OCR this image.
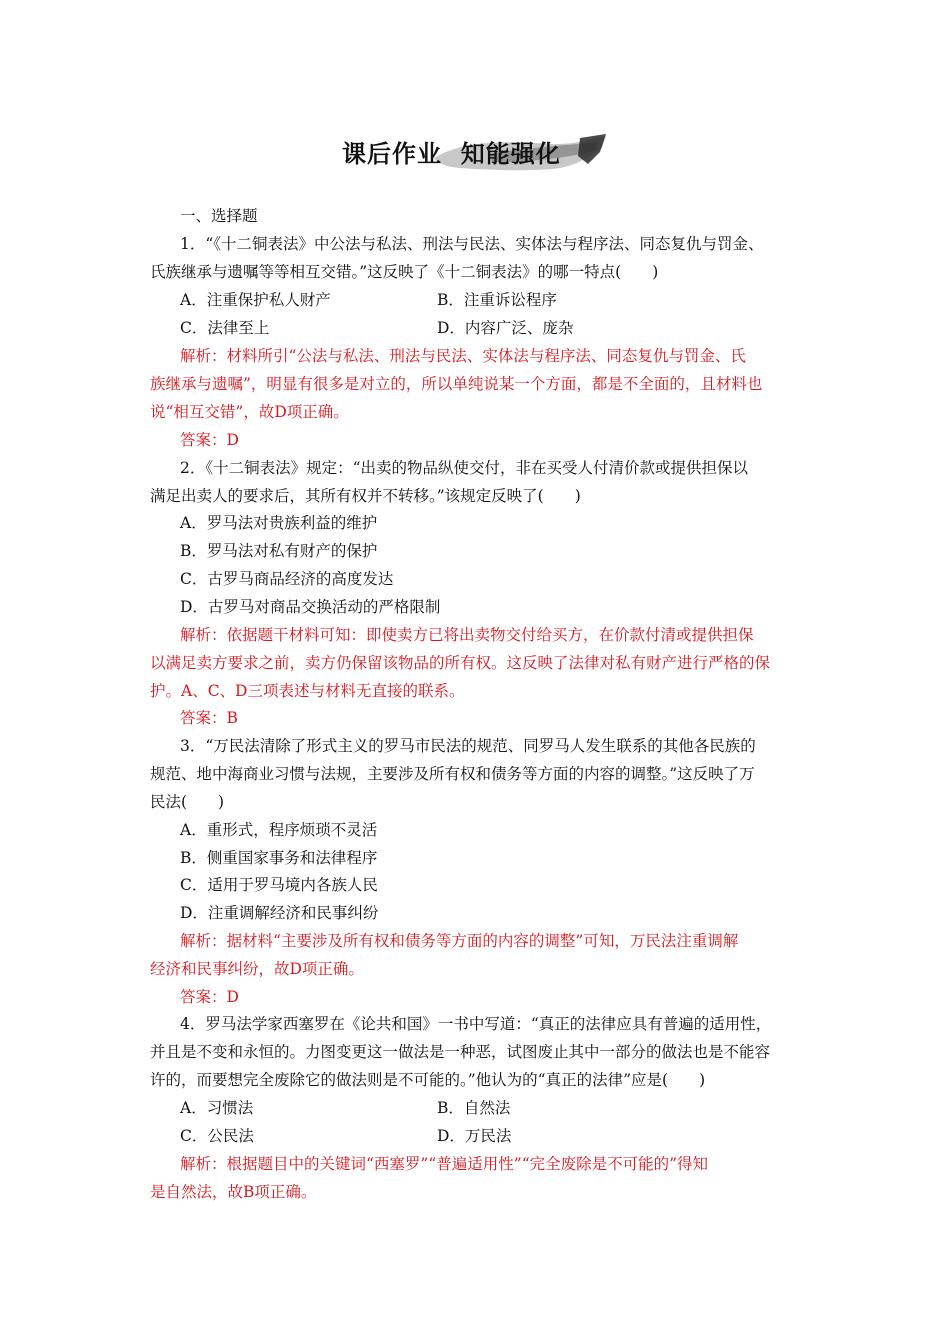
课后作业  知能强化
一、选择题
1．“《十二铜表法》中公法与私法、刑法与民法、实体法与程序法、同态复仇与罚金、
氏族继承与遗嘱等等相互交错。”这反映了《十二铜表法》的哪一特点(　　)
A．注重保护私人财产	B．注重诉讼程序
C．法律至上	D．内容广泛、庞杂
解析：材料所引“公法与私法、刑法与民法、实体法与程序法、同态复仇与罚金、氏
族继承与遗嘱”，明显有很多是对立的，所以单纯说某一个方面，都是不全面的，且材料也
说“相互交错”，故D项正确。
答案：D
2．《十二铜表法》规定：“出卖的物品纵使交付，非在买受人付清价款或提供担保以
满足出卖人的要求后，其所有权并不转移。”该规定反映了(　　)
A．罗马法对贵族利益的维护
B．罗马法对私有财产的保护
C．古罗马商品经济的高度发达
D．古罗马对商品交换活动的严格限制
解析：依据题干材料可知：即使卖方已将出卖物交付给买方，在价款付清或提供担保
以满足卖方要求之前，卖方仍保留该物品的所有权。这反映了法律对私有财产进行严格的保
护。A、C、D三项表述与材料无直接的联系。
答案：B
3．“万民法清除了形式主义的罗马市民法的规范、同罗马人发生联系的其他各民族的
规范、地中海商业习惯与法规，主要涉及所有权和债务等方面的内容的调整。”这反映了万
民法(　　)
A．重形式，程序烦琐不灵活
B．侧重国家事务和法律程序
C．适用于罗马境内各族人民
D．注重调解经济和民事纠纷
解析：据材料“主要涉及所有权和债务等方面的内容的调整”可知，万民法注重调解
经济和民事纠纷，故D项正确。
答案：D
4．罗马法学家西塞罗在《论共和国》一书中写道：“真正的法律应具有普遍的适用性，
并且是不变和永恒的。力图变更这一做法是一种恶，试图废止其中一部分的做法也是不能容
许的，而要想完全废除它的做法则是不可能的。”他认为的“真正的法律”应是(　　)
A．习惯法	B．自然法
C．公民法	D．万民法
解析：根据题目中的关键词“西塞罗”“普遍适用性”“完全废除是不可能的”得知
是自然法，故B项正确。
